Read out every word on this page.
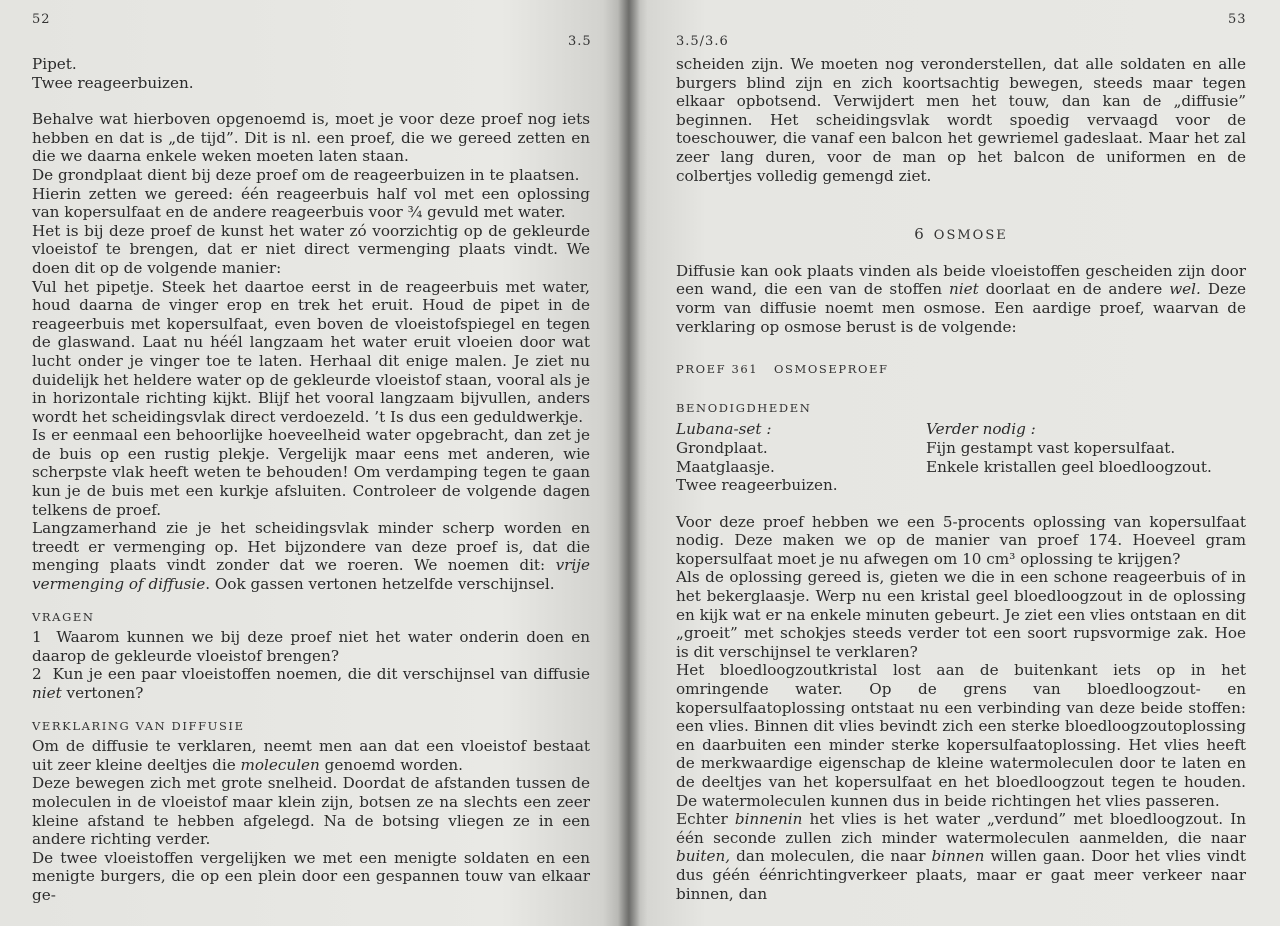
52
3.5

Pipet.

Twee reageerbuizen.

Behalve wat hierboven opgenoemd is, moet je voor deze proef nog iets hebben en dat is „de tijd”. Dit is nl. een proef, die we gereed zetten en die we daarna enkele weken moeten laten staan.

De grondplaat dient bij deze proef om de reageerbuizen in te plaatsen.

Hierin zetten we gereed: één reageerbuis half vol met een oplossing van kopersulfaat en de andere reageerbuis voor ¾ gevuld met water.

Het is bij deze proef de kunst het water zó voorzichtig op de gekleurde vloeistof te brengen, dat er niet direct vermenging plaats vindt. We doen dit op de volgende manier:

Vul het pipetje. Steek het daartoe eerst in de reageerbuis met water, houd daarna de vinger erop en trek het eruit. Houd de pipet in de reageerbuis met kopersulfaat, even boven de vloeistofspiegel en tegen de glaswand. Laat nu héél langzaam het water eruit vloeien door wat lucht onder je vinger toe te laten. Herhaal dit enige malen. Je ziet nu duidelijk het heldere water op de gekleurde vloeistof staan, vooral als je in horizontale richting kijkt. Blijf het vooral langzaam bijvullen, anders wordt het scheidingsvlak direct verdoezeld. ’t Is dus een geduldwerkje.

Is er eenmaal een behoorlijke hoeveelheid water opgebracht, dan zet je de buis op een rustig plekje. Vergelijk maar eens met anderen, wie scherpste vlak heeft weten te behouden! Om verdamping tegen te gaan kun je de buis met een kurkje afsluiten. Controleer de volgende dagen telkens de proef.

Langzamerhand zie je het scheidingsvlak minder scherp worden en treedt er vermenging op. Het bijzondere van deze proef is, dat die menging plaats vindt zonder dat we roeren. We noemen dit: vrije vermenging of diffusie. Ook gassen vertonen hetzelfde verschijnsel.

VRAGEN

1 Waarom kunnen we bij deze proef niet het water onderin doen en daarop de gekleurde vloeistof brengen?

2 Kun je een paar vloeistoffen noemen, die dit verschijnsel van diffusie niet vertonen?

VERKLARING VAN DIFFUSIE

Om de diffusie te verklaren, neemt men aan dat een vloeistof bestaat uit zeer kleine deeltjes die moleculen genoemd worden.

Deze bewegen zich met grote snelheid. Doordat de afstanden tussen de moleculen in de vloeistof maar klein zijn, botsen ze na slechts een zeer kleine afstand te hebben afgelegd. Na de botsing vliegen ze in een andere richting verder.

De twee vloeistoffen vergelijken we met een menigte soldaten en een menigte burgers, die op een plein door een gespannen touw van elkaar ge-

53
3.5/3.6

scheiden zijn. We moeten nog veronderstellen, dat alle soldaten en alle burgers blind zijn en zich koortsachtig bewegen, steeds maar tegen elkaar opbotsend. Verwijdert men het touw, dan kan de „diffusie” beginnen. Het scheidingsvlak wordt spoedig vervaagd voor de toeschouwer, die vanaf een balcon het gewriemel gadeslaat. Maar het zal zeer lang duren, voor de man op het balcon de uniformen en de colbertjes volledig gemengd ziet.

6 OSMOSE

Diffusie kan ook plaats vinden als beide vloeistoffen gescheiden zijn door een wand, die een van de stoffen niet doorlaat en de andere wel. Deze vorm van diffusie noemt men osmose. Een aardige proef, waarvan de verklaring op osmose berust is de volgende:

PROEF 361   OSMOSEPROEF
BENODIGDHEDEN
Lubana-set :
Grondplaat.
Maatglaasje.
Twee reageerbuizen.
Verder nodig :
Fijn gestampt vast kopersulfaat.
Enkele kristallen geel bloedloogzout.

Voor deze proef hebben we een 5-procents oplossing van kopersulfaat nodig. Deze maken we op de manier van proef 174. Hoeveel gram kopersulfaat moet je nu afwegen om 10 cm³ oplossing te krijgen?

Als de oplossing gereed is, gieten we die in een schone reageerbuis of in het bekerglaasje. Werp nu een kristal geel bloedloogzout in de oplossing en kijk wat er na enkele minuten gebeurt. Je ziet een vlies ontstaan en dit „groeit” met schokjes steeds verder tot een soort rupsvormige zak. Hoe is dit verschijnsel te verklaren?

Het bloedloogzoutkristal lost aan de buitenkant iets op in het omringende water. Op de grens van bloedloogzout- en kopersulfaatoplossing ontstaat nu een verbinding van deze beide stoffen: een vlies. Binnen dit vlies bevindt zich een sterke bloedloogzoutoplossing en daarbuiten een minder sterke kopersulfaatoplossing. Het vlies heeft de merkwaardige eigenschap de kleine watermoleculen door te laten en de deeltjes van het kopersulfaat en het bloedloogzout tegen te houden. De watermoleculen kunnen dus in beide richtingen het vlies passeren.

Echter binnenin het vlies is het water „verdund” met bloedloogzout. In één seconde zullen zich minder watermoleculen aanmelden, die naar buiten, dan moleculen, die naar binnen willen gaan. Door het vlies vindt dus géén éénrichtingverkeer plaats, maar er gaat meer verkeer naar binnen, dan
